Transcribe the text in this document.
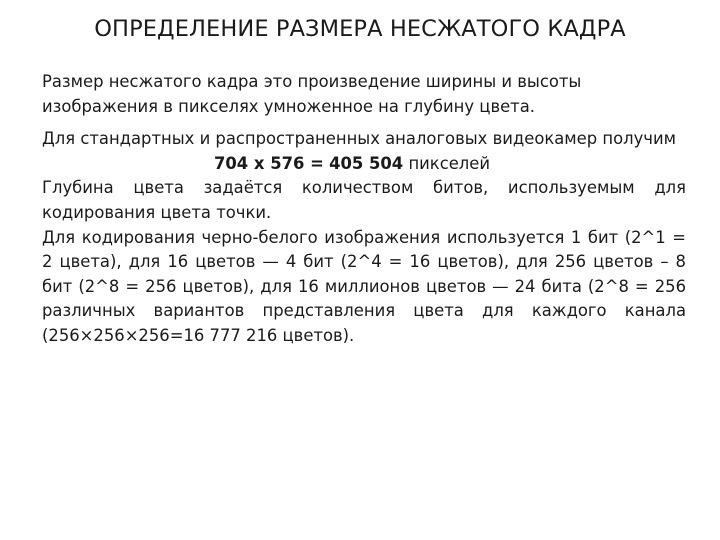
ОПРЕДЕЛЕНИЕ РАЗМЕРА НЕСЖАТОГО КАДРА

Размер несжатого кадра это произведение ширины и высоты изображения в пикселях умноженное на глубину цвета.

Для стандартных и распространенных аналоговых видеокамер получим

704 х 576 = 405 504 пикселей

Глубина цвета задаётся количеством битов, используемым для кодирования цвета точки.

Для кодирования черно-белого изображения используется 1 бит (2^1 = 2 цвета), для 16 цветов — 4 бит (2^4 = 16 цветов), для 256 цветов – 8 бит (2^8 = 256 цветов), для 16 миллионов цветов — 24 бита (2^8 = 256 различных вариантов представления цвета для каждого канала (256×256×256=16 777 216 цветов).
